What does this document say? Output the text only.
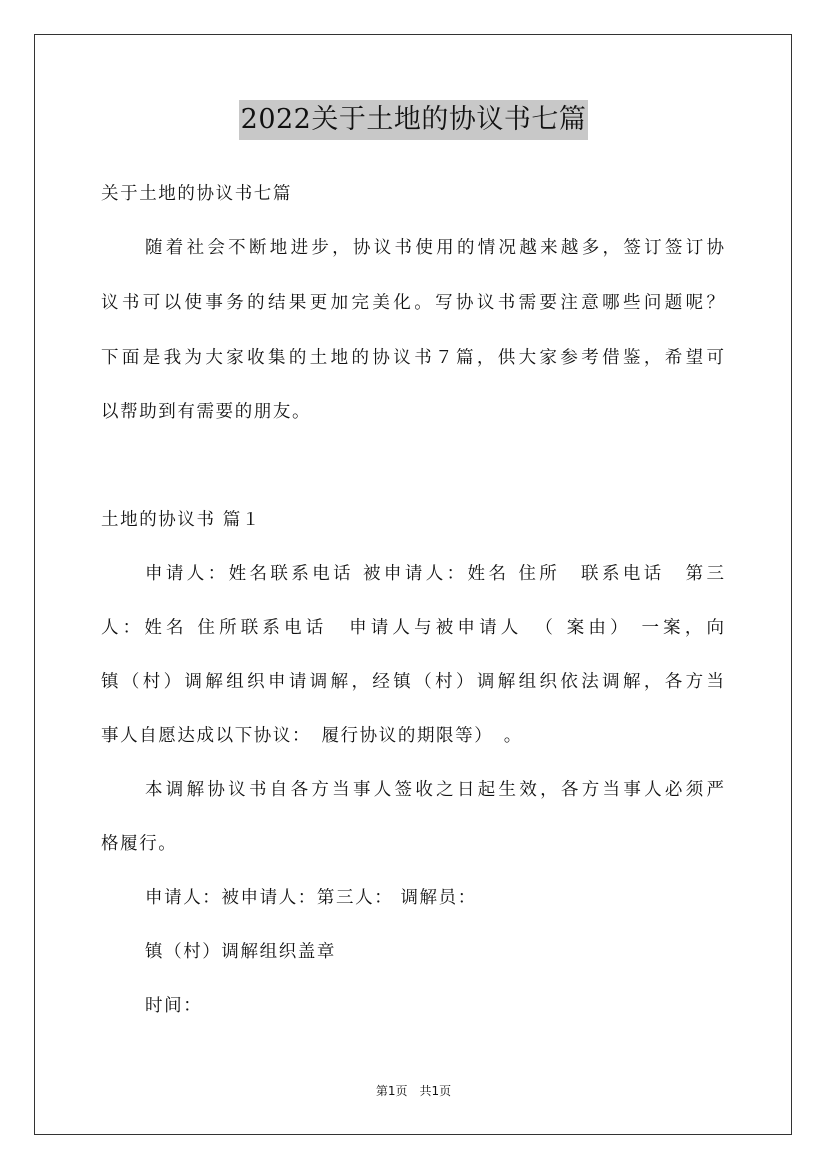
2022关于土地的协议书七篇
关于土地的协议书七篇
随着社会不断地进步，协议书使用的情况越来越多，签订签订协
议书可以使事务的结果更加完美化。写协议书需要注意哪些问题呢？
下面是我为大家收集的土地的协议书７篇，供大家参考借鉴，希望可
以帮助到有需要的朋友。
土地的协议书 篇１
申请人：姓名联系电话 被申请人：姓名 住所　联系电话　第三
人：姓名 住所联系电话　申请人与被申请人　（ 案由） 一案，向
镇（村）调解组织申请调解，经镇（村）调解组织依法调解，各方当
事人自愿达成以下协议：　履行协议的期限等）　。
本调解协议书自各方当事人签收之日起生效，各方当事人必须严
格履行。
申请人：被申请人：第三人： 调解员：
镇（村）调解组织盖章
时间：
第1页　共1页
